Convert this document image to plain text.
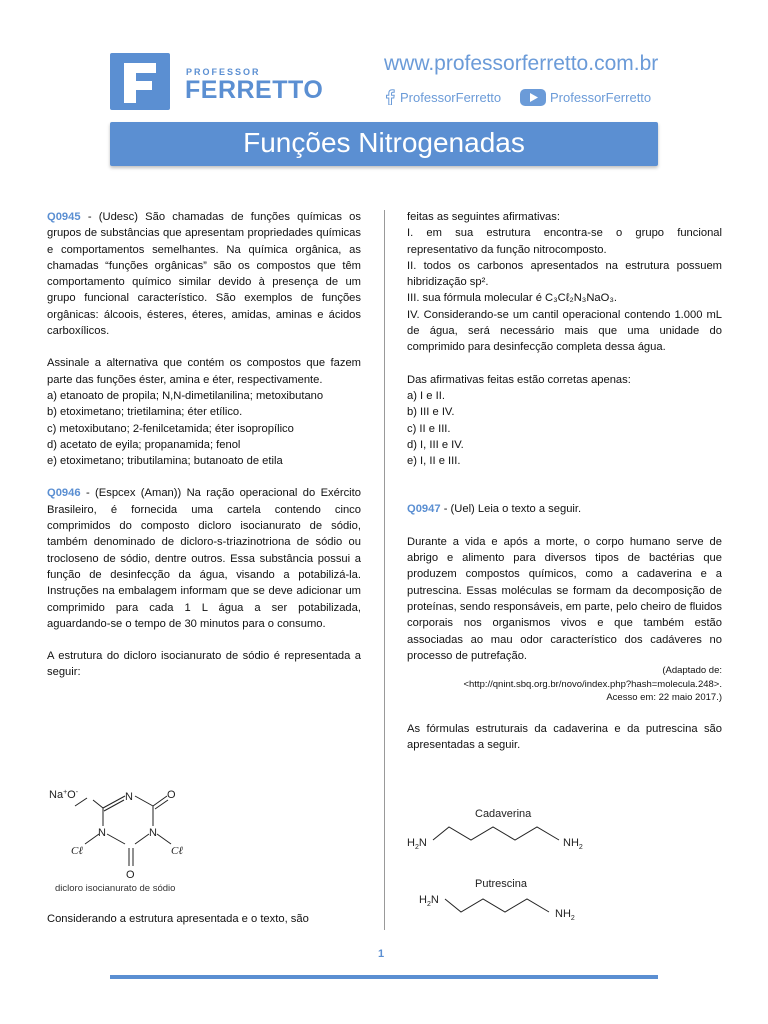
PROFESSOR
FERRETTO
www.professorferretto.com.br
ProfessorFerretto	ProfessorFerretto
Funções Nitrogenadas

Q0945 - (Udesc) São chamadas de funções químicas os grupos de substâncias que apresentam propriedades químicas e comportamentos semelhantes. Na química orgânica, as chamadas “funções orgânicas” são os compostos que têm comportamento químico similar devido à presença de um grupo funcional característico. São exemplos de funções orgânicas: álcoois, ésteres, éteres, amidas, aminas e ácidos carboxílicos.

Assinale a alternativa que contém os compostos que fazem parte das funções éster, amina e éter, respectivamente.

a) etanoato de propila; N,N-dimetilanilina; metoxibutano

b) etoximetano; trietilamina; éter etílico.

c) metoxibutano; 2-fenilcetamida; éter isopropílico

d) acetato de eyila; propanamida; fenol

e) etoximetano; tributilamina; butanoato de etila

Q0946 - (Espcex (Aman)) Na ração operacional do Exército Brasileiro, é fornecida uma cartela contendo cinco comprimidos do composto dicloro isocianurato de sódio, também denominado de dicloro-s-triazinotriona de sódio ou trocloseno de sódio, dentre outros. Essa substância possui a função de desinfecção da água, visando a potabilizá-la. Instruções na embalagem informam que se deve adicionar um comprimido para cada 1 L água a ser potabilizada, aguardando-se o tempo de 30 minutos para o consumo.

A estrutura do dicloro isocianurato de sódio é representada a seguir:

Na+O-	N	O
N	N
O
Cℓ	Cℓ
dicloro isocianurato de sódio

Considerando a estrutura apresentada e o texto, são

feitas as seguintes afirmativas:

I. em sua estrutura encontra-se o grupo funcional representativo da função nitrocomposto.

II. todos os carbonos apresentados na estrutura possuem hibridização sp².

III. sua fórmula molecular é C₃Cℓ₂N₃NaO₃.

IV. Considerando-se um cantil operacional contendo 1.000 mL de água, será necessário mais que uma unidade do comprimido para desinfecção completa dessa água.

Das afirmativas feitas estão corretas apenas:

a) I e II.

b) III e IV.

c) II e III.

d) I, III e IV.

e) I, II e III.

Q0947 - (Uel) Leia o texto a seguir.

Durante a vida e após a morte, o corpo humano serve de abrigo e alimento para diversos tipos de bactérias que produzem compostos químicos, como a cadaverina e a putrescina. Essas moléculas se formam da decomposição de proteínas, sendo responsáveis, em parte, pelo cheiro de fluidos corporais nos organismos vivos e que também estão associadas ao mau odor característico dos cadáveres no processo de putrefação.

(Adaptado de:
<http://qnint.sbq.org.br/novo/index.php?hash=molecula.248>.
Acesso em: 22 maio 2017.)

As fórmulas estruturais da cadaverina e da putrescina são apresentadas a seguir.

Cadaverina
$H_2N$	$NH_2$
Putrescina
$H_2N$
$NH_2$
1
